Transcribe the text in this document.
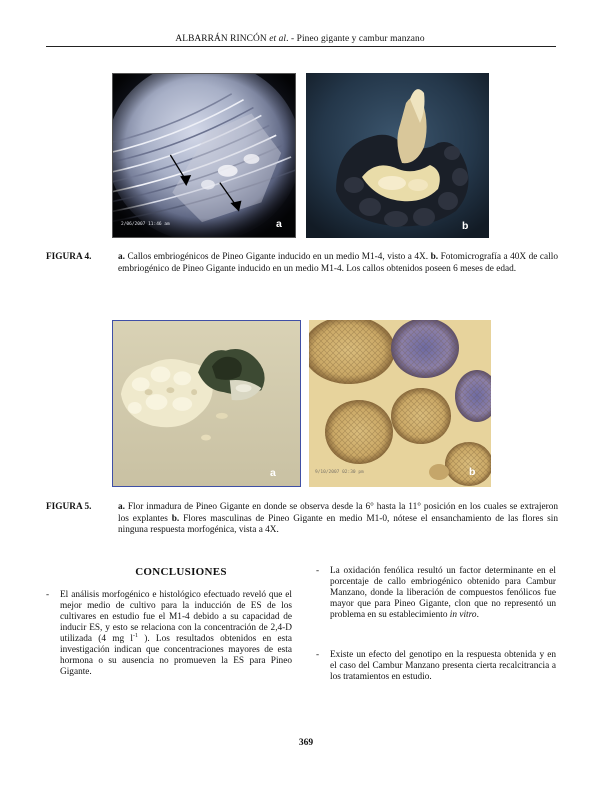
ALBARRÁN RINCÓN et al. - Pineo gigante y cambur manzano
2/06/2007 11:46 am	a	b
FIGURA 4.	a. Callos embriogénicos de Pineo Gigante inducido en un medio M1-4, visto a 4X. b. Fotomicrografía a 40X de callo embriogénico de Pineo Gigante inducido en un medio M1-4. Los callos obtenidos poseen 6 meses de edad.
a	9/10/2007 02:30 pm	b
FIGURA 5.	a. Flor inmadura de Pineo Gigante en donde se observa desde la 6° hasta la 11° posición en los cuales se extrajeron los explantes b. Flores masculinas de Pineo Gigante en medio M1-0, nótese el ensanchamiento de las flores sin ninguna respuesta morfogénica, vista a 4X.
CONCLUSIONES
- El análisis morfogénico e histológico efectuado reveló que el mejor medio de cultivo para la inducción de ES de los cultivares en estudio fue el M1-4 debido a su capacidad de inducir ES, y esto se relaciona con la concentración de 2,4-D utilizada (4 mg $l^{-1}$ ). Los resultados obtenidos en esta investigación indican que concentraciones mayores de esta hormona o su ausencia no promueven la ES para Pineo Gigante.
- La oxidación fenólica resultó un factor determinante en el porcentaje de callo embriogénico obtenido para Cambur Manzano, donde la liberación de compuestos fenólicos fue mayor que para Pineo Gigante, clon que no representó un problema en su establecimiento in vitro.
- Existe un efecto del genotipo en la respuesta obtenida y en el caso del Cambur Manzano presenta cierta recalcitrancia a los tratamientos en estudio.
369
